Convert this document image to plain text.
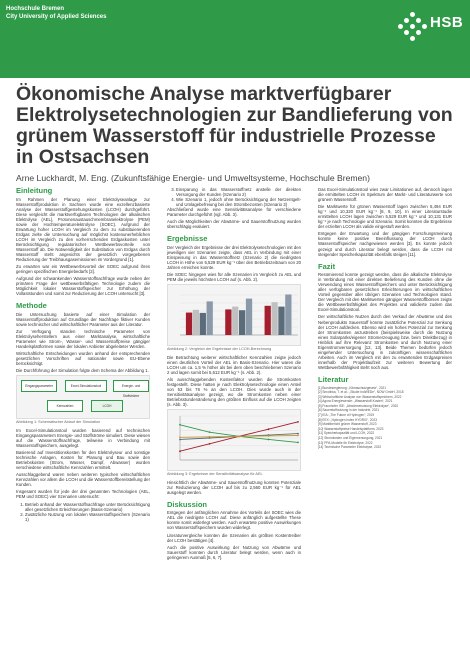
Hochschule Bremen
City University of Applied Sciences	HSB
Ökonomische Analyse marktverfügbarer Elektrolysetechnologien zur Bandlieferung von grünem Wasserstoff für industrielle Prozesse in Ostsachsen
Arne Luckhardt, M. Eng. (Zukunftsfähige Energie- und Umweltsysteme, Hochschule Bremen)
Einleitung

Im Rahmen der Planung einer Elektrolyseanlage zur Wasserstoffproduktion in Sachsen wurde eine exzellenzbasierte Analyse der Wasserstoffgestehungskosten (LCOH) durchgeführt. Diese vergleicht die marktverfügbaren Technologien der alkalischen Elektrolyse (AEL), Protonenaustauschmembranelektrolyse (PEM) sowie der Hochtemperaturelektrolyse (SOEC). Aufgrund der Erwartung hoher LCOH im Vergleich zu dem zu substituierenden Erdgas zielte die Untersuchung auf möglichst kostenunerheblichen LCOH im Vergleich zu den vorherrschenden Erdgaskosten unter Berücksichtigung regulatorischer Wettbewerbsvorteile von Wasserstoff ab. Die Notwendigkeit der Substitution von Erdgas durch Wasserstoff steht angesichts der gesetzlich vorgegebenen Reduzierung der Treibhausgasemissionen im Vordergrund [1].

Zu erwarten war ein Wettbewerbsvorteil der SOEC aufgrund ihres geringen spezifischen Energiebedarfs [2].

Aufgrund der schwankenden Wasserstoffnachfrage wurde neben der primären Frage der wettbewerbsfähigen Technologie zudem die Möglichkeit lokaler Wasserstoffspeicher zur Erhöhung der Vollaststunden und somit zur Reduzierung der LCOH untersucht [3].

Methode

Die Untersuchung basierte auf einer Simulation der Wasserstoffproduktion auf Grundlage der Nachfrage fiktiver Kunden sowie technischer und wirtschaftlicher Parameter aus der Literatur.

Zur Verfügung standen technische Parameter von Elektrolyseherstellern aus einer Marktanalyse, wirtschaftliche Parameter wie Strom-, Wasser- und Wasserstoffpreise gängiger Handelsplattformen sowie der lokalen Anbieter abgeleiteter Werden.

Wirtschaftliche Entscheidungen wurden anhand der entsprechenden gesetzlichen Vorschriften auf nationaler sowie EU-Ebene berücksichtigt.

Die Durchführung der Simulation folgte dem Schema der Abbildung 1.

Eingangsparameter	Excel-Simulationstool	Energie- und Stoffströme
Kennzahlen	LCOH
Abbildung 1: Schematischer Ablauf der Simulation

Im Excel-Simulationstool wurden basierend auf technischen Eingangsparametern Energie- und Stoffströme simuliert. Diese wiesen auf die Wasserstoffnachfrage, teilweise in Verbindung mit Wasserstoffspeichern, ausgelegt.

Basierend auf Investitionskosten für den Elektrolyseur und sonstige technische Anlagen, Kosten für Planung und Bau sowie den Betriebskosten (Strom, Wasser, Dampf, Abwasser) wurden verschiedene wirtschaftliche Kennzahlen ermittelt.

Ausschlaggebend waren neben weiteren typischen wirtschaftlichen Kennzahlen vor allem die LCOH und die Wasserstoffbereitstellung der Kunden.

Insgesamt wurden für jede der drei genannten Technologien (AEL, PEM und SOEC) vier Szenarien untersucht:

1. Betrieb anhand der Wasserstoffnachfrage unter Berücksichtigung aller gesetzlichen Erleichterungen (Basis-Szenario)
2. Zusätzliche Nutzung von lokalen Wasserstoffspeichern (Szenario 1)
3. Einsparung in das Wasserstoffnetz anstelle der direkten Versorgung der Kunden (Szenario 2)
4. Wie Szenario 1, jedoch ohne Berücksichtigung der Netzentgelt- und Umlagebefreiung bei den Strombezosten (Szenario 3)

Abschließend wurde eine Sensitivitätsanalyse für verschiedene Parameter durchgeführt (vgl. Abb. 3).

Auch die Möglichkeiten der Abwärme- und Sauerstoffnutzung wurden überschlägig evaluiert.

Ergebnisse

Der Vergleich der Ergebnisse der drei Elektrolysetechnologien mit den jeweiligen vier Szenarien zeigte, dass AEL in Verbindung mit einer Einspeisung in das Wasserstoffnetz (Szenario 2) die niedrigsten LCOH in Höhe von 5,529 EUR kg⁻¹ über den Betriebszeitraum von 20 Jahren erreichen konnte.

Die SOEC hingegen wies für alle Szenarien im Vergleich zu AEL und PEM die jeweils höchsten LCOH auf (s. Abb. 2).

Abbildung 2: Vergleich der Ergebnisse der LCOH-Berechnung

Die Betrachtung weiterer wirtschaftlicher Kennzahlen zeigte jedoch einen deutlichen Vorteil der AEL im Basis-Szenario. Hier waren die LCOH um ca. 1,5 % höher als bei dem oben beschriebenen Szenario 2 und lagen somit bei 5,612 EUR kg⁻¹ (s. Abb. 2).

Als ausschlaggebenden Kostenfaktor wurden die Stromkosten festgestellt. Diese hatten je nach Elektrolysetechnologie einen Anteil von 53 bis 76 % an den LCOH. Dies wurde auch in der Sensitivitätsanalyse gezeigt, wo die Stromkosten neben einer Betriebsstundenänderung den größten Einfluss auf die LCOH zeigten (s. Abb. 3).

Abbildung 3: Ergebnisse der Sensitivitätsanalyse für AEL

Hinsichtlich der Abwärme- und Sauerstoffnutzung konnten Potenziale zur Reduzierung der LCOH auf bis zu 2,560 EUR kg⁻¹ für AEL ausgelegt werden.

Diskussion

Entgegen der anfänglichen Annahme des Vorteils der SOEC wies die AEL die niedrigste LCOH auf. Diese anfänglich aufgestellte These konnte somit widerlegt werden. Auch erwartete positive Auswirkungen von Wasserstoffspeichern wurden widerlegt.

Literaturvergleiche konnten die Szenarien als größten Kostentreiber der LCOH bestätigen [4].

Auch die positive Auswirkung der Nutzung von Abwärme und Sauerstoff konnten durch Literatur belegt werden, wenn auch in geringerem Ausmaß [5, 6, 7].

Das Excel-Simulationstool wies zwar Limitationen auf, dennoch lagen die ermittelten LCOH im Spektrum der Markt- und Literaturwerte von grünem Wasserstoff.

Die Marktwerte für grünen Wasserstoff lagen zwischen 5,494 EUR kg⁻¹ und 10,320 EUR kg⁻¹ [8, 9, 10]. In einer Literaturstudie ermittelten LCOH lagen zwischen 5,529 EUR kg⁻¹ und 10,131 EUR kg⁻¹ je nach Technologie und Szenario. Somit konnten die Ergebnisse der erzielten LCOH als valide eingestuft werden.

Entgegen der Erwartung und der gängigen Forschungsmeinung konnte keine positive Beeinflussung der LCOH durch Wasserstoffspeicher nachgewiesen werden [3]. Es konnte jedoch gezeigt und durch Literatur belegt werden, dass die LCOH mit steigender Speicherkapazität ebenfalls steigen [11].

Fazit

Resümierend konnte gezeigt werden, dass die alkalische Elektrolyse in Verbindung mit einer direkten Belieferung des Kunden ohne die Verwendung eines Wasserstoffspeichers und unter Berücksichtigung aller verfügbaren gesetzlichen Erleichterungen im wirtschaftlichen Vorteil gegenüber aller übrigen Szenarien und Technologien stand. Der Vergleich mit den Marktwerten gängiger Wasserstoffbörsen zeigte die Wettbewerbsfähigkeit des Projektes und validierte zudem das Excel-Simulationstool.

Der wirtschaftliche Nutzen durch den Verkauf der Abwärme und des Nebenprodukts Sauerstoff könnte zusätzliche Potenzial zur Senkung der LCOH aufdecken. Ebenso wird ein hohes Potenzial zur Senkung der Stromkosten anzustreben (beispielsweise durch die Nutzung eines Solarparks/eigener Stromerzeugung bzw. beim Direktbezug) in Hinblick auf ihre Relevanz Stromkosten und durch Nutzung einer Eigenstromversorgung [12, 13]. Beide Themen bedürfen jedoch eingehender Untersuchung in zukünftigen wissenschaftlichen Arbeiten. Auch im Vergleich mit den zu erwartenden Erdgaspreisen innerhalb der Projektlaufzeit zur weiteren Bewertung der Wettbewerbsfähigkeit steht noch aus.

Literatur
[1] Bundesregierung: „Klimaschutzgesetz“, 2021
[2] Smolinka, T. et al.: „Studie IndWEDe“, NOW GmbH, 2018
[3] Wirtschaftliche Analyse von Wasserstoffspeichern, 2022
[4] Agora Energiewende: „Wasserstoff-Kosten“, 2021
[5] Fraunhofer ISE: „Abwärmenutzung Elektrolyse“, 2020
[6] Sauerstoffnutzung in der Industrie, 2021
[7] IEA: „The Future of Hydrogen“, 2019
[8] EEX: „Hydrogen Index HYDRIX“, 2023
[9] Marktbericht grüner Wasserstoff, 2023
[10] Wasserstoffpreise Handelsplattform, 2023
[11] Speicherkapazität und LCOH, 2022
[12] Stromkosten und Eigenversorgung, 2021
[13] PPA-Modelle für Elektrolyse, 2022
[14] Technische Parameter Elektrolyse, 2022
